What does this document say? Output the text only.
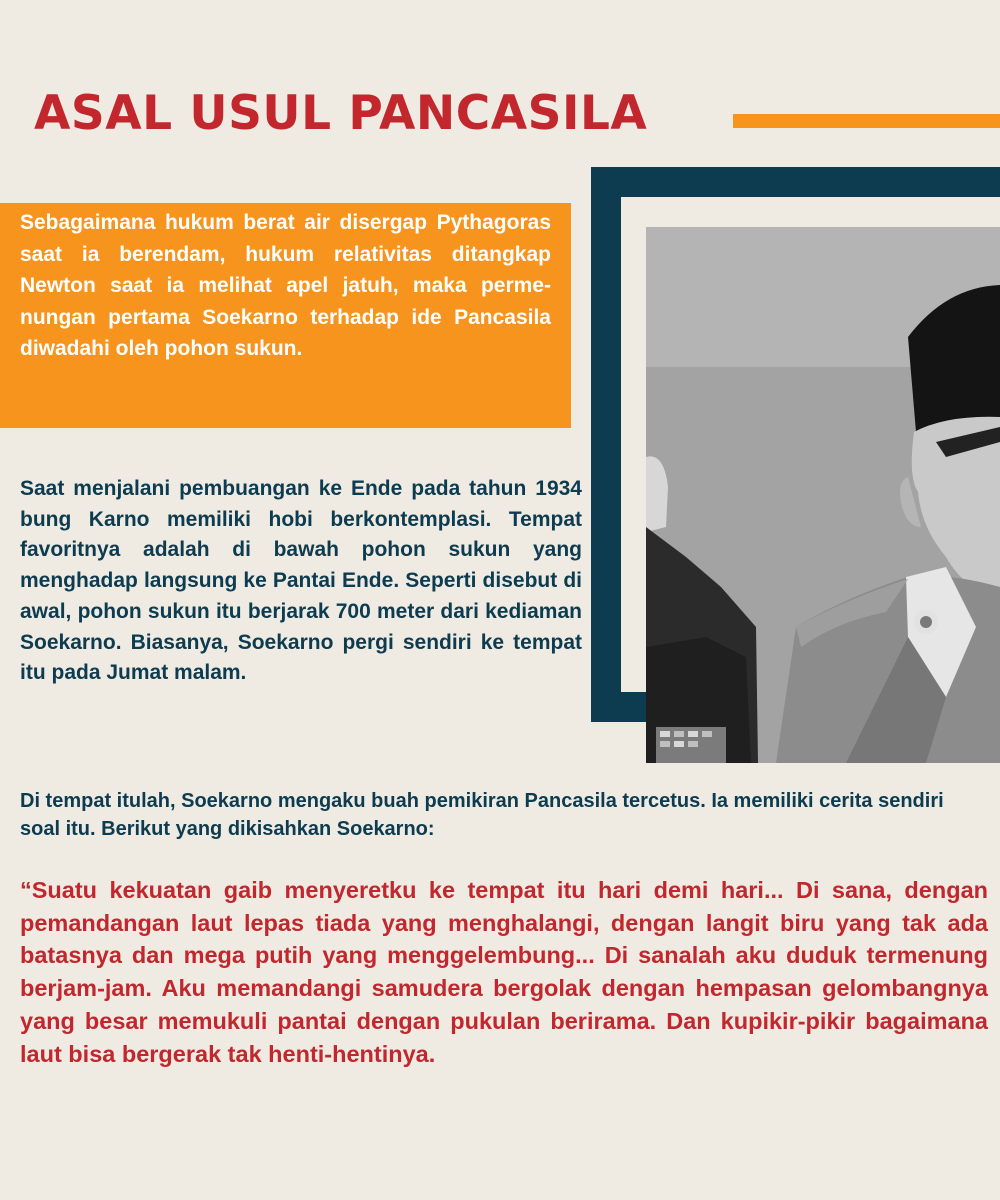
ASAL USUL PANCASILA

Sebagaimana hukum berat air disergap Pythagoras saat ia berendam, hukum relativitas ditangkap Newton saat ia melihat apel jatuh, maka perme-nungan pertama Soekarno terhadap ide Pancasila diwadahi oleh pohon sukun.

Saat menjalani pembuangan ke Ende pada tahun 1934 bung Karno memiliki hobi berkontemplasi. Tempat favoritnya adalah di bawah pohon sukun yang menghadap langsung ke Pantai Ende. Seperti disebut di awal, pohon sukun itu berjarak 700 meter dari kediaman Soekarno. Biasanya, Soekarno pergi sendiri ke tempat itu pada Jumat malam.

Di tempat itulah, Soekarno mengaku buah pemikiran Pancasila tercetus. Ia memiliki cerita sendiri soal itu. Berikut yang dikisahkan Soekarno:

“Suatu kekuatan gaib menyeretku ke tempat itu hari demi hari... Di sana, dengan pemandangan laut lepas tiada yang menghalangi, dengan langit biru yang tak ada batasnya dan mega putih yang menggelembung... Di sanalah aku duduk termenung berjam-jam. Aku memandangi samudera bergolak dengan hempasan gelombangnya yang besar memukuli pantai dengan pukulan berirama. Dan kupikir-pikir bagaimana laut bisa bergerak tak henti-hentinya.
